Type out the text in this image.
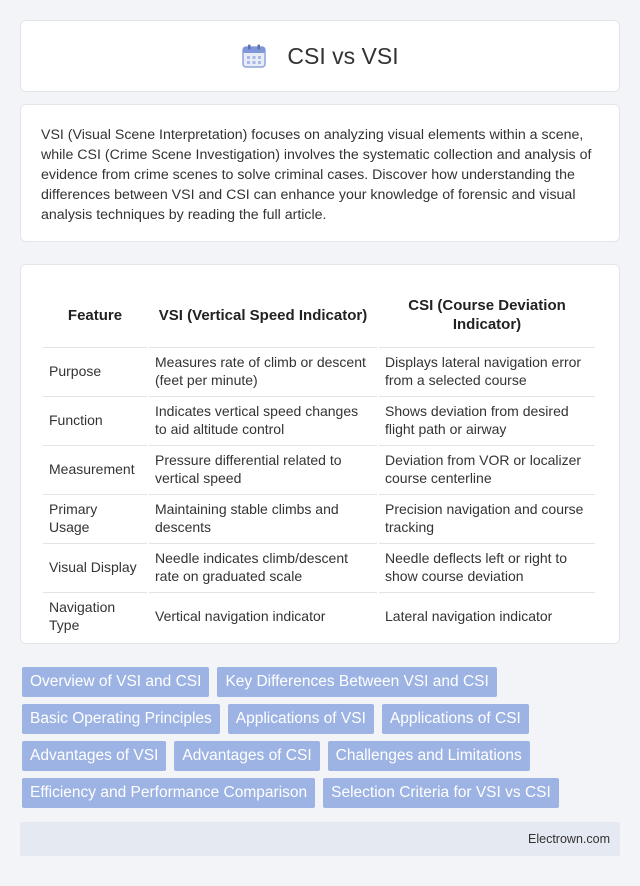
CSI vs VSI

VSI (Visual Scene Interpretation) focuses on analyzing visual elements within a scene, while CSI (Crime Scene Investigation) involves the systematic collection and analysis of evidence from crime scenes to solve criminal cases. Discover how understanding the differences between VSI and CSI can enhance your knowledge of forensic and visual analysis techniques by reading the full article.

Feature	VSI (Vertical Speed Indicator)	CSI (Course Deviation Indicator)
Purpose	Measures rate of climb or descent (feet per minute)	Displays lateral navigation error from a selected course
Function	Indicates vertical speed changes to aid altitude control	Shows deviation from desired flight path or airway
Measurement	Pressure differential related to vertical speed	Deviation from VOR or localizer course centerline
Primary Usage	Maintaining stable climbs and descents	Precision navigation and course tracking
Visual Display	Needle indicates climb/descent rate on graduated scale	Needle deflects left or right to show course deviation
Navigation Type	Vertical navigation indicator	Lateral navigation indicator
Overview of VSI and CSI	Key Differences Between VSI and CSI
Basic Operating Principles	Applications of VSI	Applications of CSI
Advantages of VSI	Advantages of CSI	Challenges and Limitations
Efficiency and Performance Comparison	Selection Criteria for VSI vs CSI
Electrown.com
